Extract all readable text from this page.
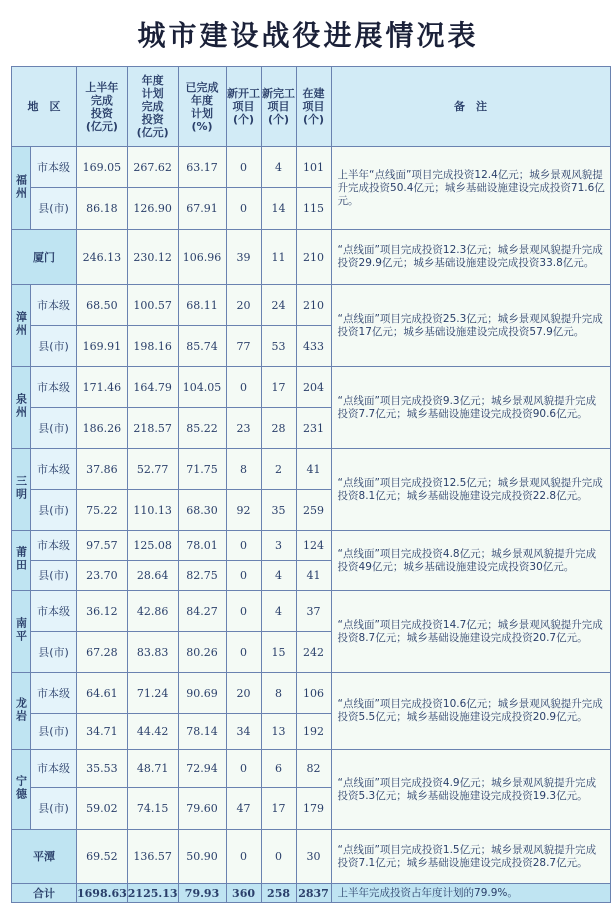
城市建设战役进展情况表
地　区		上半年
完成
投资
(亿元)	年度
计划
完成
投资
(亿元)	已完成
年度
计划
(%)	新开工
项目
(个)	新完工
项目
(个)	在建
项目
(个)	备　注
福州	市本级	169.05	267.62	63.17	0	4	101	上半年“点线面”项目完成投资12.4亿元；城乡景观风貌提升完成投资50.4亿元；城乡基础设施建设完成投资71.6亿元。
	县(市)	86.18	126.90	67.91	0	14	115	
厦门		246.13	230.12	106.96	39	11	210	“点线面”项目完成投资12.3亿元；城乡景观风貌提升完成投资29.9亿元；城乡基础设施建设完成投资33.8亿元。
漳州	市本级	68.50	100.57	68.11	20	24	210	“点线面”项目完成投资25.3亿元；城乡景观风貌提升完成投资17亿元；城乡基础设施建设完成投资57.9亿元。
	县(市)	169.91	198.16	85.74	77	53	433	
泉州	市本级	171.46	164.79	104.05	0	17	204	“点线面”项目完成投资9.3亿元；城乡景观风貌提升完成投资7.7亿元；城乡基础设施建设完成投资90.6亿元。
	县(市)	186.26	218.57	85.22	23	28	231	
三明	市本级	37.86	52.77	71.75	8	2	41	“点线面”项目完成投资12.5亿元；城乡景观风貌提升完成投资8.1亿元；城乡基础设施建设完成投资22.8亿元。
	县(市)	75.22	110.13	68.30	92	35	259	
莆田	市本级	97.57	125.08	78.01	0	3	124	“点线面”项目完成投资4.8亿元；城乡景观风貌提升完成投资49亿元；城乡基础设施建设完成投资30亿元。
	县(市)	23.70	28.64	82.75	0	4	41	
南平	市本级	36.12	42.86	84.27	0	4	37	“点线面”项目完成投资14.7亿元；城乡景观风貌提升完成投资8.7亿元；城乡基础设施建设完成投资20.7亿元。
	县(市)	67.28	83.83	80.26	0	15	242	
龙岩	市本级	64.61	71.24	90.69	20	8	106	“点线面”项目完成投资10.6亿元；城乡景观风貌提升完成投资5.5亿元；城乡基础设施建设完成投资20.9亿元。
	县(市)	34.71	44.42	78.14	34	13	192	
宁德	市本级	35.53	48.71	72.94	0	6	82	“点线面”项目完成投资4.9亿元；城乡景观风貌提升完成投资5.3亿元；城乡基础设施建设完成投资19.3亿元。
	县(市)	59.02	74.15	79.60	47	17	179	
平潭		69.52	136.57	50.90	0	0	30	“点线面”项目完成投资1.5亿元；城乡景观风貌提升完成投资7.1亿元；城乡基础设施建设完成投资28.7亿元。
合计		1698.63	2125.13	79.93	360	258	2837	上半年完成投资占年度计划的79.9%。
